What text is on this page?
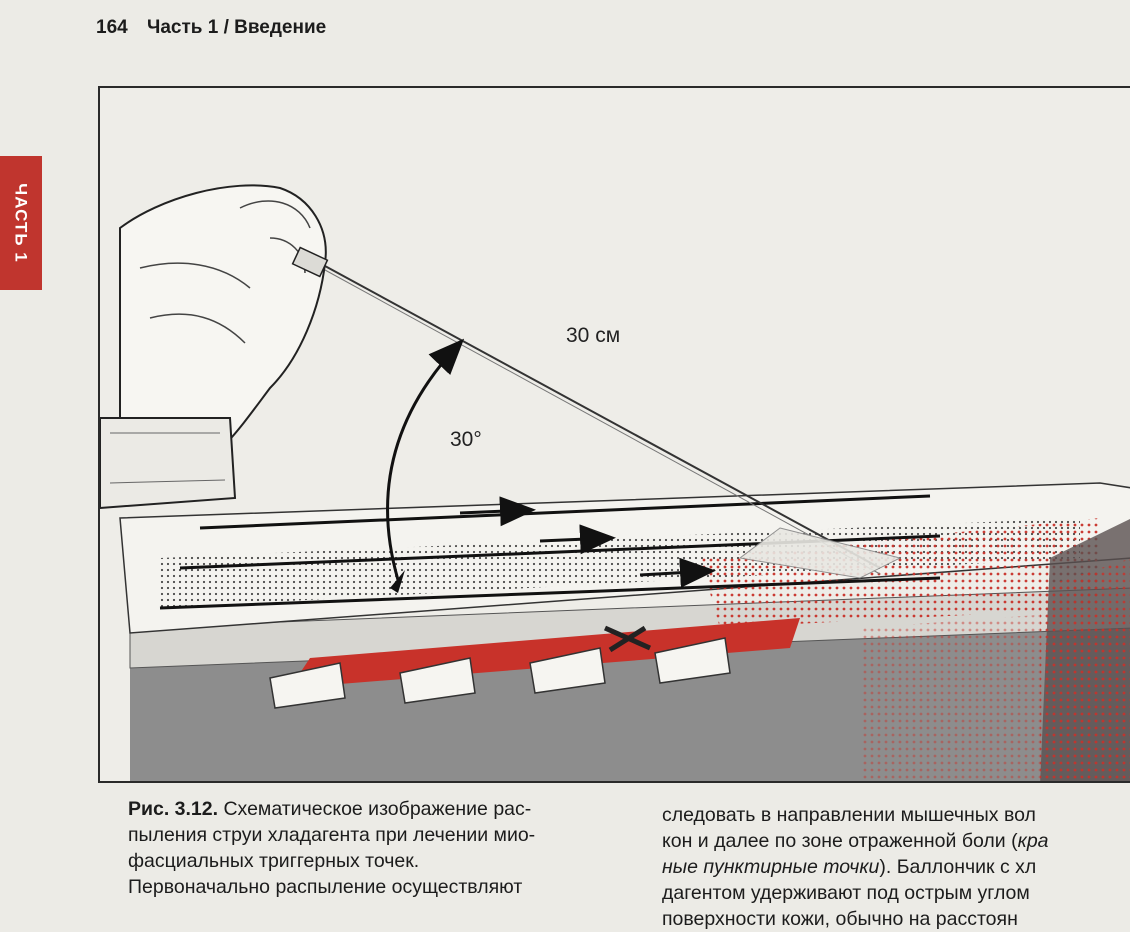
164 Часть 1 / Введение
ЧАСТЬ 1
30 см
30°
Рис. 3.12. Схематическое изображение рас-
пыления струи хладагента при лечении мио-
фасциальных триггерных точек.
Первоначально распыление осуществляют

следовать в направлении мышечных вол
кон и далее по зоне отраженной боли (кра
ные пунктирные точки). Баллончик с хл
дагентом удерживают под острым углом
поверхности кожи, обычно на расстоян
